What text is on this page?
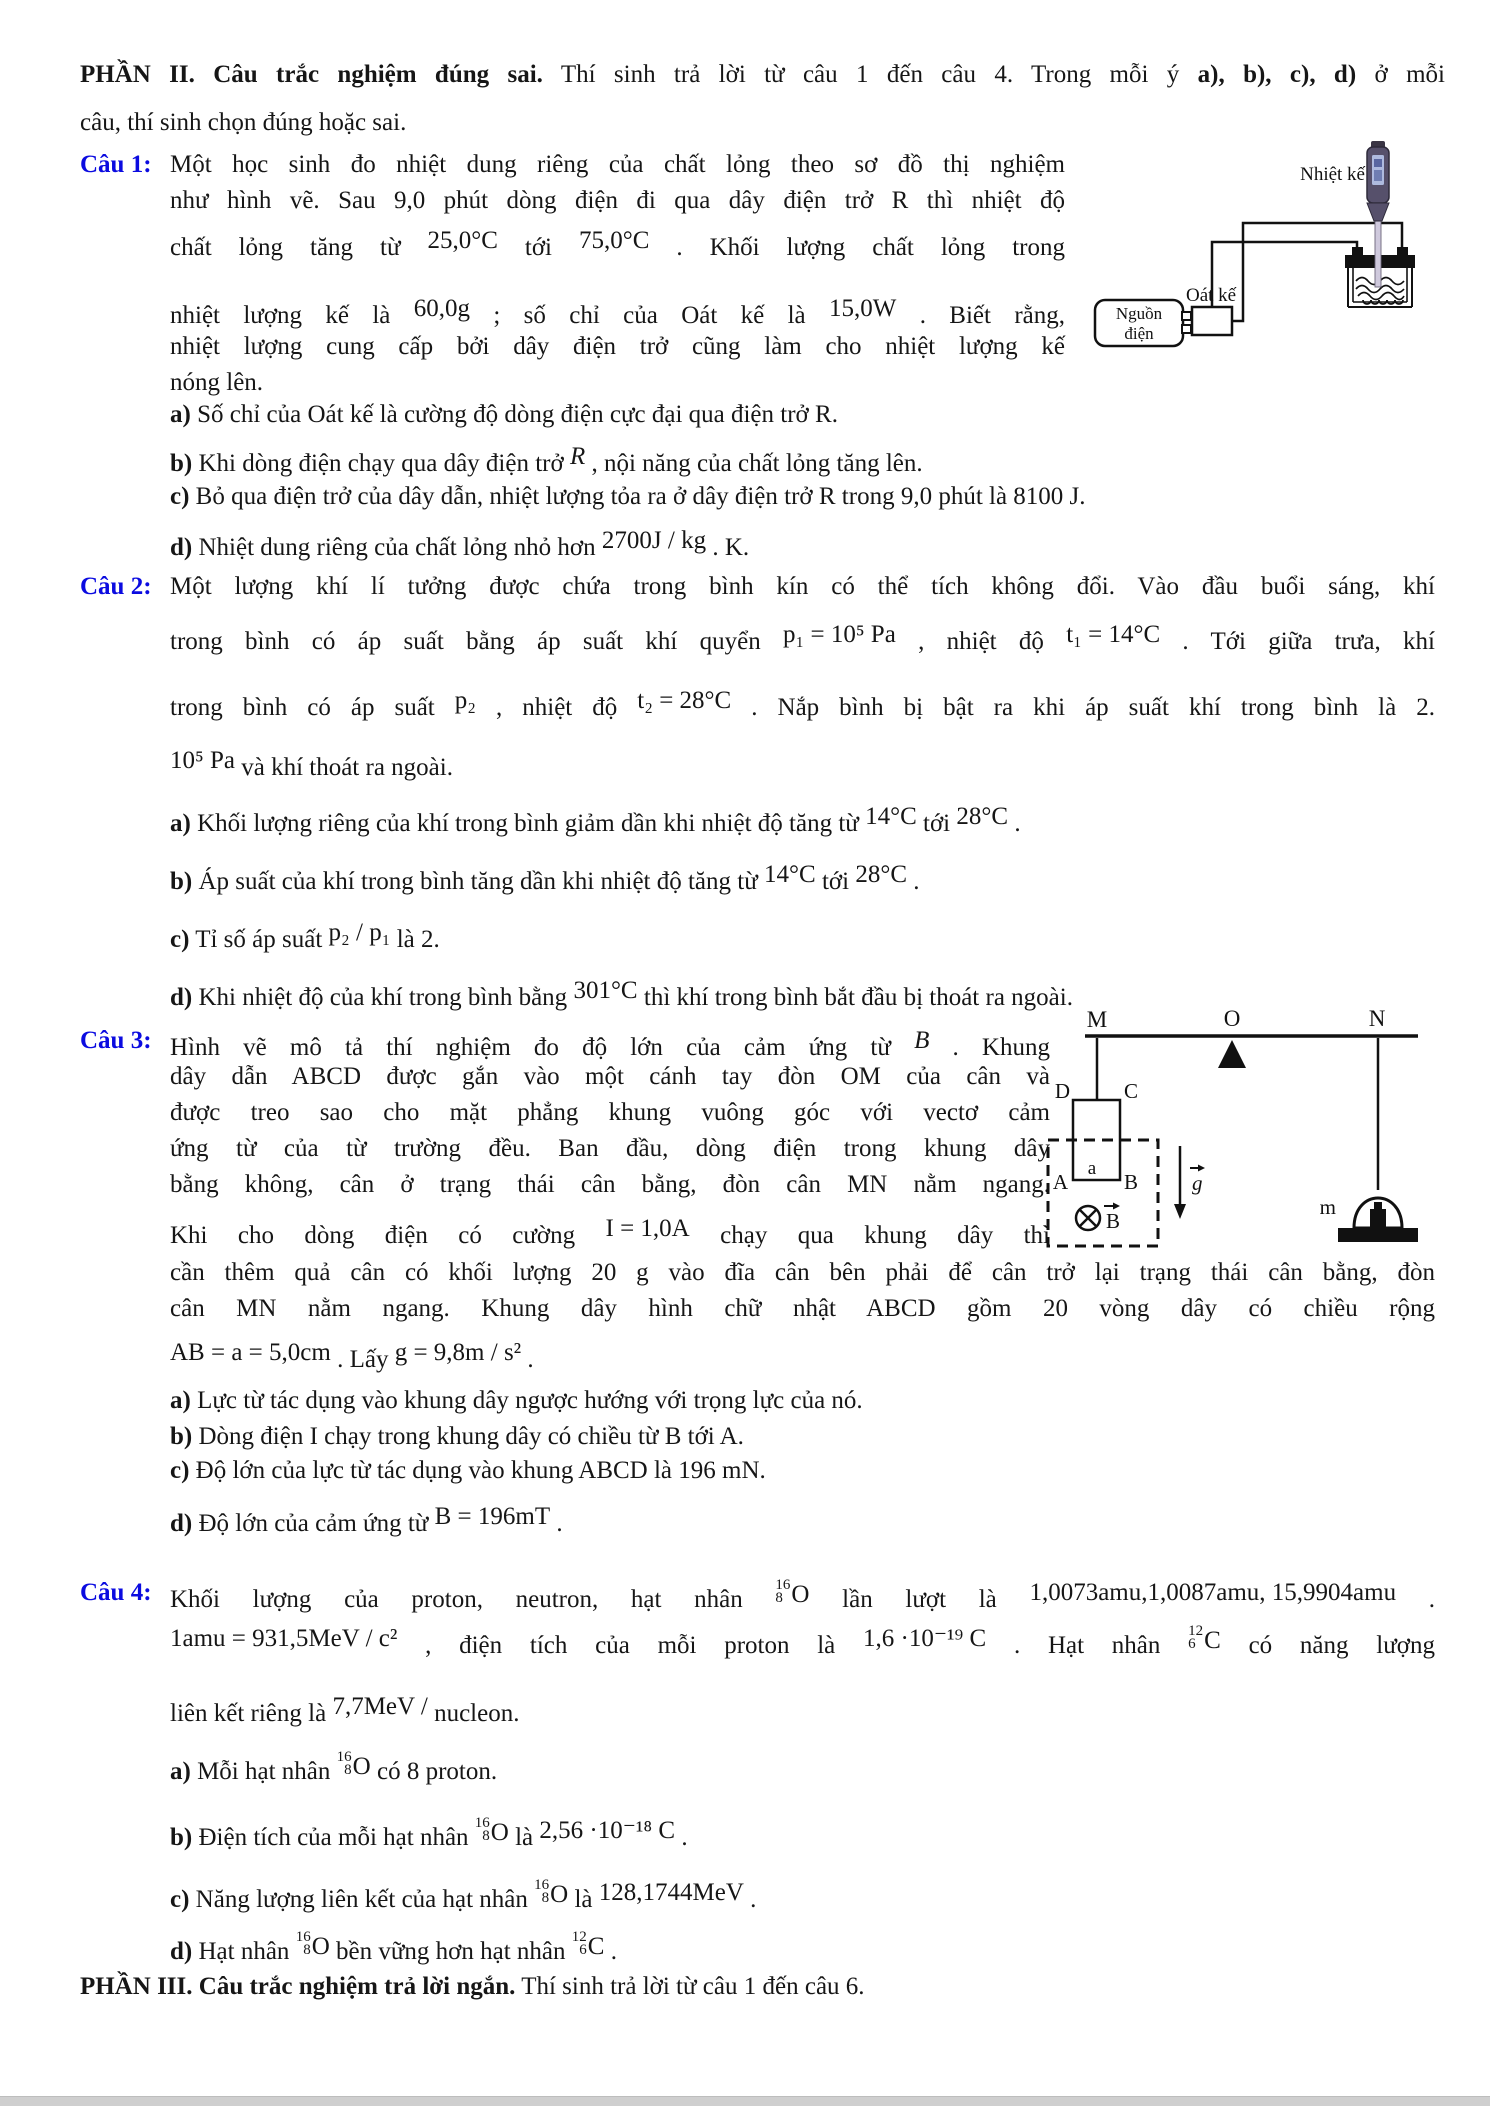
PHẦN II. Câu trắc nghiệm đúng sai. Thí sinh trả lời từ câu 1 đến câu 4. Trong mỗi ý a), b), c), d) ở mỗi
câu, thí sinh chọn đúng hoặc sai.
Câu 1: Một học sinh đo nhiệt dung riêng của chất lỏng theo sơ đồ thị nghiệm
như hình vẽ. Sau 9,0 phút dòng điện đi qua dây điện trở R thì nhiệt độ
chất lỏng tăng từ 25,0°C tới 75,0°C . Khối lượng chất lỏng trong
nhiệt lượng kế là 60,0g ; số chỉ của Oát kế là 15,0W . Biết rằng,
nhiệt lượng cung cấp bởi dây điện trở cũng làm cho nhiệt lượng kế
nóng lên.
a) Số chỉ của Oát kế là cường độ dòng điện cực đại qua điện trở R.
b) Khi dòng điện chạy qua dây điện trở R , nội năng của chất lỏng tăng lên.
c) Bỏ qua điện trở của dây dẫn, nhiệt lượng tỏa ra ở dây điện trở R trong 9,0 phút là 8100 J.
d) Nhiệt dung riêng của chất lỏng nhỏ hơn 2700J / kg . K.
Nguồn
điện
Oát kế
Nhiệt kế
Câu 2: Một lượng khí lí tưởng được chứa trong bình kín có thể tích không đổi. Vào đầu buổi sáng, khí
trong bình có áp suất bằng áp suất khí quyển p₁ = 10⁵ Pa , nhiệt độ t₁ = 14°C . Tới giữa trưa, khí
trong bình có áp suất p₂ , nhiệt độ t₂ = 28°C . Nắp bình bị bật ra khi áp suất khí trong bình là 2.
10⁵ Pa và khí thoát ra ngoài.
a) Khối lượng riêng của khí trong bình giảm dần khi nhiệt độ tăng từ 14°C tới 28°C .
b) Áp suất của khí trong bình tăng dần khi nhiệt độ tăng từ 14°C tới 28°C .
c) Tỉ số áp suất p₂ / p₁ là 2.
d) Khi nhiệt độ của khí trong bình bằng 301°C thì khí trong bình bắt đầu bị thoát ra ngoài.
Câu 3: Hình vẽ mô tả thí nghiệm đo độ lớn của cảm ứng từ B . Khung
dây dẫn ABCD được gắn vào một cánh tay đòn OM của cân và
được treo sao cho mặt phẳng khung vuông góc với vectơ cảm
ứng từ của từ trường đều. Ban đầu, dòng điện trong khung dây
bằng không, cân ở trạng thái cân bằng, đòn cân MN nằm ngang.
Khi cho dòng điện có cường I = 1,0A chạy qua khung dây thì
cần thêm quả cân có khối lượng 20 g vào đĩa cân bên phải để cân trở lại trạng thái cân bằng, đòn
cân MN nằm ngang. Khung dây hình chữ nhật ABCD gồm 20 vòng dây có chiều rộng
AB = a = 5,0cm . Lấy g = 9,8m / s² .
a) Lực từ tác dụng vào khung dây ngược hướng với trọng lực của nó.
b) Dòng điện I chạy trong khung dây có chiều từ B tới A.
c) Độ lớn của lực từ tác dụng vào khung ABCD là 196 mN.
d) Độ lớn của cảm ứng từ B = 196mT .
M	O	N
D	C
A	B
a
B
g
m
Câu 4: Khối lượng của proton, neutron, hạt nhân
16
8 O lần lượt là 1,0073amu,1,0087amu, 15,9904amu .
1amu = 931,5MeV / c² , điện tích của mỗi proton là 1,6 ·10⁻¹⁹ C . Hạt nhân
12
6 C có năng lượng
liên kết riêng là 7,7MeV / nucleon.
a) Mỗi hạt nhân
16
8 O có 8 proton.
b) Điện tích của mỗi hạt nhân
16
8 O là 2,56 ·10⁻¹⁸ C .
c) Năng lượng liên kết của hạt nhân
16
8 O là 128,1744MeV .
d) Hạt nhân
16
8 O bền vững hơn hạt nhân
12
6 C .
PHẦN III. Câu trắc nghiệm trả lời ngắn. Thí sinh trả lời từ câu 1 đến câu 6.
